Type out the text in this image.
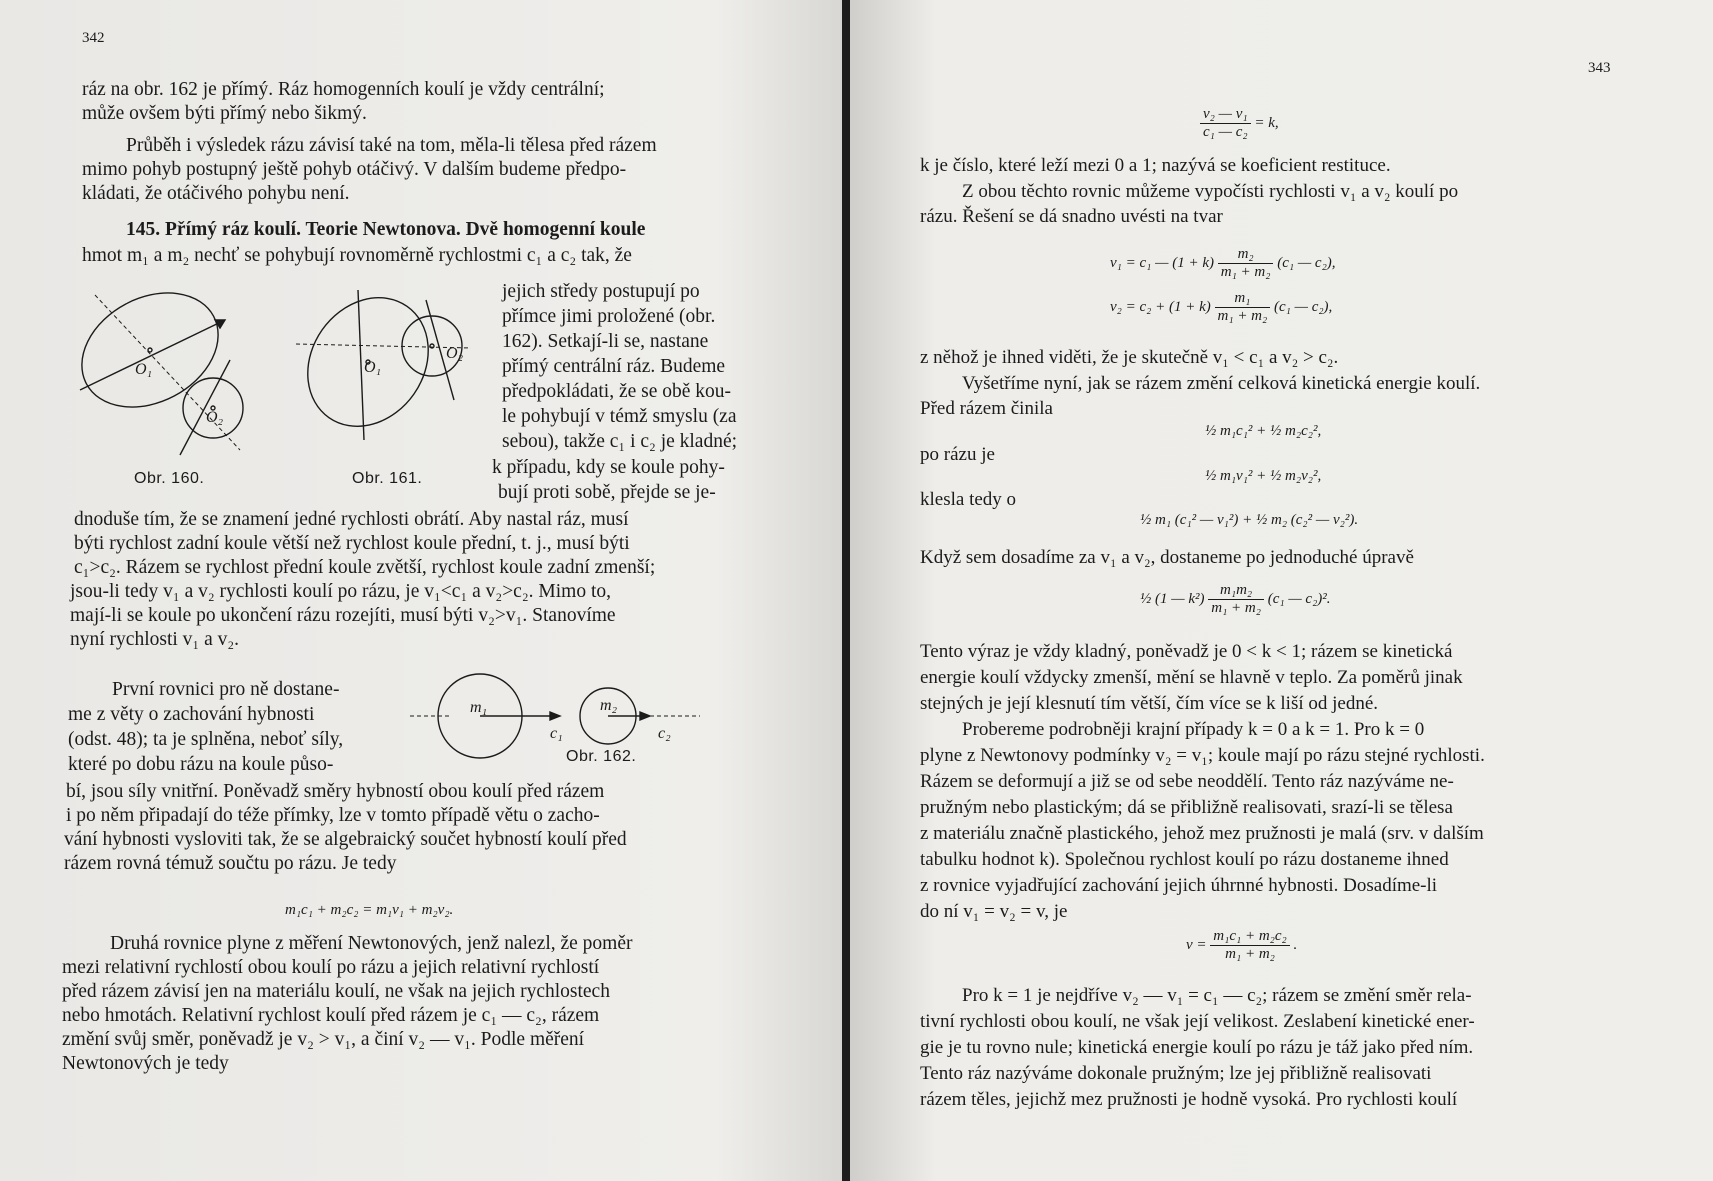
342
ráz na obr. 162 je přímý. Ráz homogenních koulí je vždy centrální;
může ovšem býti přímý nebo šikmý.
Průběh i výsledek rázu závisí také na tom, měla-li tělesa před rázem
mimo pohyb postupný ještě pohyb otáčivý. V dalším budeme předpo-
kládati, že otáčivého pohybu není.
145. Přímý ráz koulí. Teorie Newtonova. Dvě homogenní koule
hmot m₁ a m₂ nechť se pohybují rovnoměrně rychlostmi c₁ a c₂ tak, že
jejich středy postupují po
přímce jimi proložené (obr.
162). Setkají-li se, nastane
přímý centrální ráz. Budeme
předpokládati, že se obě kou-
le pohybují v témž smyslu (za
sebou), takže c₁ i c₂ je kladné;
k případu, kdy se koule pohy-
bují proti sobě, přejde se je-
O₁
O₂
Obr. 160.
O₁
O₂
Obr. 161.
dnoduše tím, že se znamení jedné rychlosti obrátí. Aby nastal ráz, musí
býti rychlost zadní koule větší než rychlost koule přední, t. j., musí býti
c₁>c₂. Rázem se rychlost přední koule zvětší, rychlost koule zadní zmenší;
jsou-li tedy v₁ a v₂ rychlosti koulí po rázu, je v₁<c₁ a v₂>c₂. Mimo to,
mají-li se koule po ukončení rázu rozejíti, musí býti v₂>v₁. Stanovíme
nyní rychlosti v₁ a v₂.
První rovnici pro ně dostane-
me z věty o zachování hybnosti
(odst. 48); ta je splněna, neboť síly,
které po dobu rázu na koule půso-
m₁	m₂
c₁	c₂
Obr. 162.
bí, jsou síly vnitřní. Poněvadž směry hybností obou koulí před rázem
i po něm připadají do téže přímky, lze v tomto případě větu o zacho-
vání hybnosti vysloviti tak, že se algebraický součet hybností koulí před
rázem rovná témuž součtu po rázu. Je tedy
m₁c₁ + m₂c₂ = m₁v₁ + m₂v₂.
Druhá rovnice plyne z měření Newtonových, jenž nalezl, že poměr
mezi relativní rychlostí obou koulí po rázu a jejich relativní rychlostí
před rázem závisí jen na materiálu koulí, ne však na jejich rychlostech
nebo hmotách. Relativní rychlost koulí před rázem je c₁ — c₂, rázem
změní svůj směr, poněvadž je v₂ > v₁, a činí v₂ — v₁. Podle měření
Newtonových je tedy
343
$\frac{\text{v₂ — v₁}}{\text{c₁ — c₂}} = k$,
k je číslo, které leží mezi 0 a 1; nazývá se koeficient restituce.
Z obou těchto rovnic můžeme vypočísti rychlosti v₁ a v₂ koulí po
rázu. Řešení se dá snadno uvésti na tvar
v₁ = c₁ — $(1 + k) \frac{\text{m₂}}{\text{m₁ + m₂}} (c_1$ — c₂),
$v_2 = c_2 + (1 + k) \frac{\text{m₁}}{\text{m₁ + m₂}} (c_1$ — c₂),
z něhož je ihned viděti, že je skutečně v₁ < c₁ a v₂ > c₂.
Vyšetříme nyní, jak se rázem změní celková kinetická energie koulí.
Před rázem činila
½ m₁c₁² + ½ m₂c₂²,
po rázu je
½ m₁v₁² + ½ m₂v₂²,
klesla tedy o
½ m₁ (c₁² — v₁²) + ½ m₂ (c₂² — v₂²).
Když sem dosadíme za v₁ a v₂, dostaneme po jednoduché úpravě
½ (1 — $k^2) \frac{\text{m₁m₂}}{\text{m₁ + m₂}} (c_1$ — c₂)².
Tento výraz je vždy kladný, poněvadž je 0 < k < 1; rázem se kinetická
energie koulí vždycky zmenší, mění se hlavně v teplo. Za poměrů jinak
stejných je její klesnutí tím větší, čím více se k liší od jedné.
Probereme podrobněji krajní případy k = 0 a k = 1. Pro k = 0
plyne z Newtonovy podmínky v₂ = v₁; koule mají po rázu stejné rychlosti.
Rázem se deformují a již se od sebe neoddělí. Tento ráz nazýváme ne-
pružným nebo plastickým; dá se přibližně realisovati, srazí-li se tělesa
z materiálu značně plastického, jehož mez pružnosti je malá (srv. v dalším
tabulku hodnot k). Společnou rychlost koulí po rázu dostaneme ihned
z rovnice vyjadřující zachování jejich úhrnné hybnosti. Dosadíme-li
do ní v₁ = v₂ = v, je
$v = \frac{\text{m₁c₁ + m₂c₂}}{\text{m₁ + m₂}}$ .
Pro k = 1 je nejdříve v₂ — v₁ = c₁ — c₂; rázem se změní směr rela-
tivní rychlosti obou koulí, ne však její velikost. Zeslabení kinetické ener-
gie je tu rovno nule; kinetická energie koulí po rázu je táž jako před ním.
Tento ráz nazýváme dokonale pružným; lze jej přibližně realisovati
rázem těles, jejichž mez pružnosti je hodně vysoká. Pro rychlosti koulí
